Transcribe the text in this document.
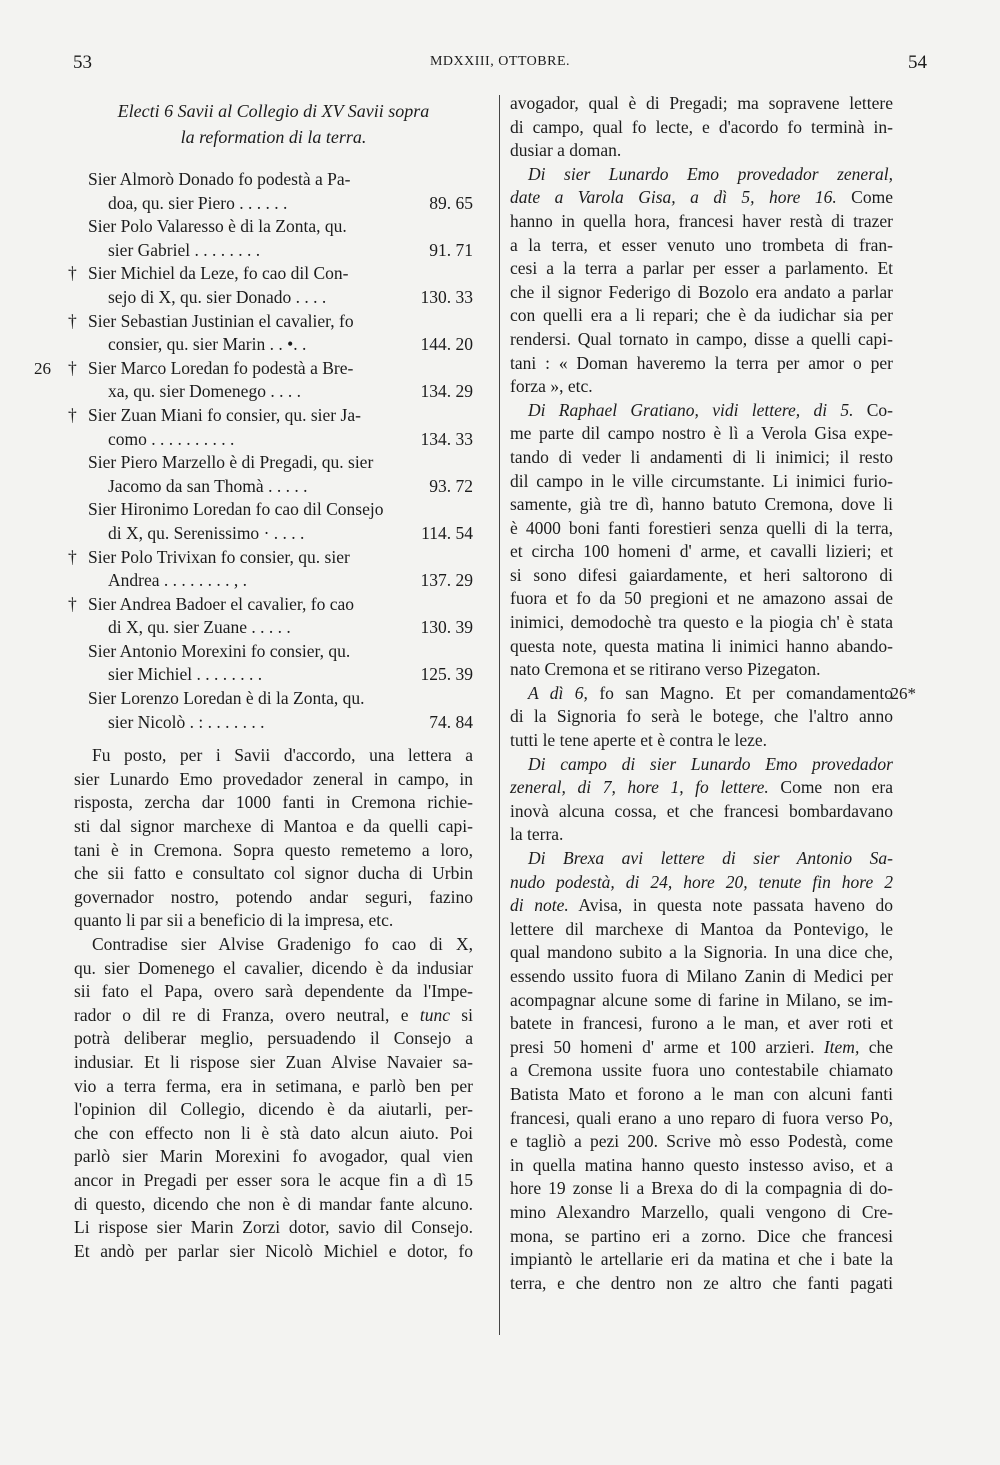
53	MDXXIII, OTTOBRE.	54
Electi 6 Savii al Collegio di XV Savii sopra
la reformation di la terra.
Sier Almorò Donado fo podestà a Pa-
doa, qu. sier Piero . . . . . .	89. 65
Sier Polo Valaresso è di la Zonta, qu.
sier Gabriel . . . . . . . .	91. 71
Sier Michiel da Leze, fo cao dil Con-
†
sejo di X, qu. sier Donado . . . .	130. 33
Sier Sebastian Justinian el cavalier, fo
†
consier, qu. sier Marin . . •. .	144. 20
Sier Marco Loredan fo podestà a Bre-
†
26
xa, qu. sier Domenego . . . .	134. 29
Sier Zuan Miani fo consier, qu. sier Ja-
†
como . . . . . . . . . .	134. 33
Sier Piero Marzello è di Pregadi, qu. sier
Jacomo da san Thomà . . . . .	93. 72
Sier Hironimo Loredan fo cao dil Consejo
di X, qu. Serenissimo · . . . .	114. 54
Sier Polo Trivixan fo consier, qu. sier
†
Andrea . . . . . . . . , .	137. 29
Sier Andrea Badoer el cavalier, fo cao
†
di X, qu. sier Zuane . . . . .	130. 39
Sier Antonio Morexini fo consier, qu.
sier Michiel . . . . . . . .	125. 39
Sier Lorenzo Loredan è di la Zonta, qu.
sier Nicolò . : . . . . . . .	74. 84
Fu posto, per i Savii d'accordo, una lettera a
sier Lunardo Emo provedador zeneral in campo, in
risposta, zercha dar 1000 fanti in Cremona richie-
sti dal signor marchexe di Mantoa e da quelli capi-
tani è in Cremona. Sopra questo remetemo a loro,
che sii fatto e consultato col signor ducha di Urbin
governador nostro, potendo andar seguri, fazino
quanto li par sii a beneficio di la impresa, etc.
Contradise sier Alvise Gradenigo fo cao di X,
qu. sier Domenego el cavalier, dicendo è da indusiar
sii fato el Papa, overo sarà dependente da l'Impe-
rador o dil re di Franza, overo neutral, e tunc si
potrà deliberar meglio, persuadendo il Consejo a
indusiar. Et li rispose sier Zuan Alvise Navaier sa-
vio a terra ferma, era in setimana, e parlò ben per
l'opinion dil Collegio, dicendo è da aiutarli, per-
che con effecto non li è stà dato alcun aiuto. Poi
parlò sier Marin Morexini fo avogador, qual vien
ancor in Pregadi per esser sora le acque fin a dì 15
di questo, dicendo che non è di mandar fante alcuno.
Li rispose sier Marin Zorzi dotor, savio dil Consejo.
Et andò per parlar sier Nicolò Michiel e dotor, fo
avogador, qual è di Pregadi; ma sopravene lettere
di campo, qual fo lecte, e d'acordo fo terminà in-
dusiar a doman.
Di sier Lunardo Emo provedador zeneral,
date a Varola Gisa, a dì 5, hore 16. Come
hanno in quella hora, francesi haver restà di trazer
a la terra, et esser venuto uno trombeta di fran-
cesi a la terra a parlar per esser a parlamento. Et
che il signor Federigo di Bozolo era andato a parlar
con quelli era a li repari; che è da iudichar sia per
rendersi. Qual tornato in campo, disse a quelli capi-
tani : « Doman haveremo la terra per amor o per
forza », etc.
Di Raphael Gratiano, vidi lettere, di 5. Co-
me parte dil campo nostro è lì a Verola Gisa expe-
tando di veder li andamenti di li inimici; il resto
dil campo in le ville circumstante. Li inimici furio-
samente, già tre dì, hanno batuto Cremona, dove li
è 4000 boni fanti forestieri senza quelli di la terra,
et circha 100 homeni d' arme, et cavalli lizieri; et
si sono difesi gaiardamente, et heri saltorono di
fuora et fo da 50 pregioni et ne amazono assai de
inimici, demodochè tra questo e la piogia ch' è stata
questa note, questa matina li inimici hanno abando-
nato Cremona et se ritirano verso Pizegaton.
A dì 6, fo san Magno. Et per comandamento
26*
di la Signoria fo serà le botege, che l'altro anno
tutti le tene aperte et è contra le leze.
Di campo di sier Lunardo Emo provedador
zeneral, di 7, hore 1, fo lettere. Come non era
inovà alcuna cossa, et che francesi bombardavano
la terra.
Di Brexa avi lettere di sier Antonio Sa-
nudo podestà, di 24, hore 20, tenute fin hore 2
di note. Avisa, in questa note passata haveno do
lettere dil marchexe di Mantoa da Pontevigo, le
qual mandono subito a la Signoria. In una dice che,
essendo ussito fuora di Milano Zanin di Medici per
acompagnar alcune some di farine in Milano, se im-
batete in francesi, furono a le man, et aver roti et
presi 50 homeni d' arme et 100 arzieri. Item, che
a Cremona ussite fuora uno contestabile chiamato
Batista Mato et forono a le man con alcuni fanti
francesi, quali erano a uno reparo di fuora verso Po,
e tagliò a pezi 200. Scrive mò esso Podestà, come
in quella matina hanno questo instesso aviso, et a
hore 19 zonse li a Brexa do di la compagnia di do-
mino Alexandro Marzello, quali vengono di Cre-
mona, se partino eri a zorno. Dice che francesi
impiantò le artellarie eri da matina et che i bate la
terra, e che dentro non ze altro che fanti pagati
